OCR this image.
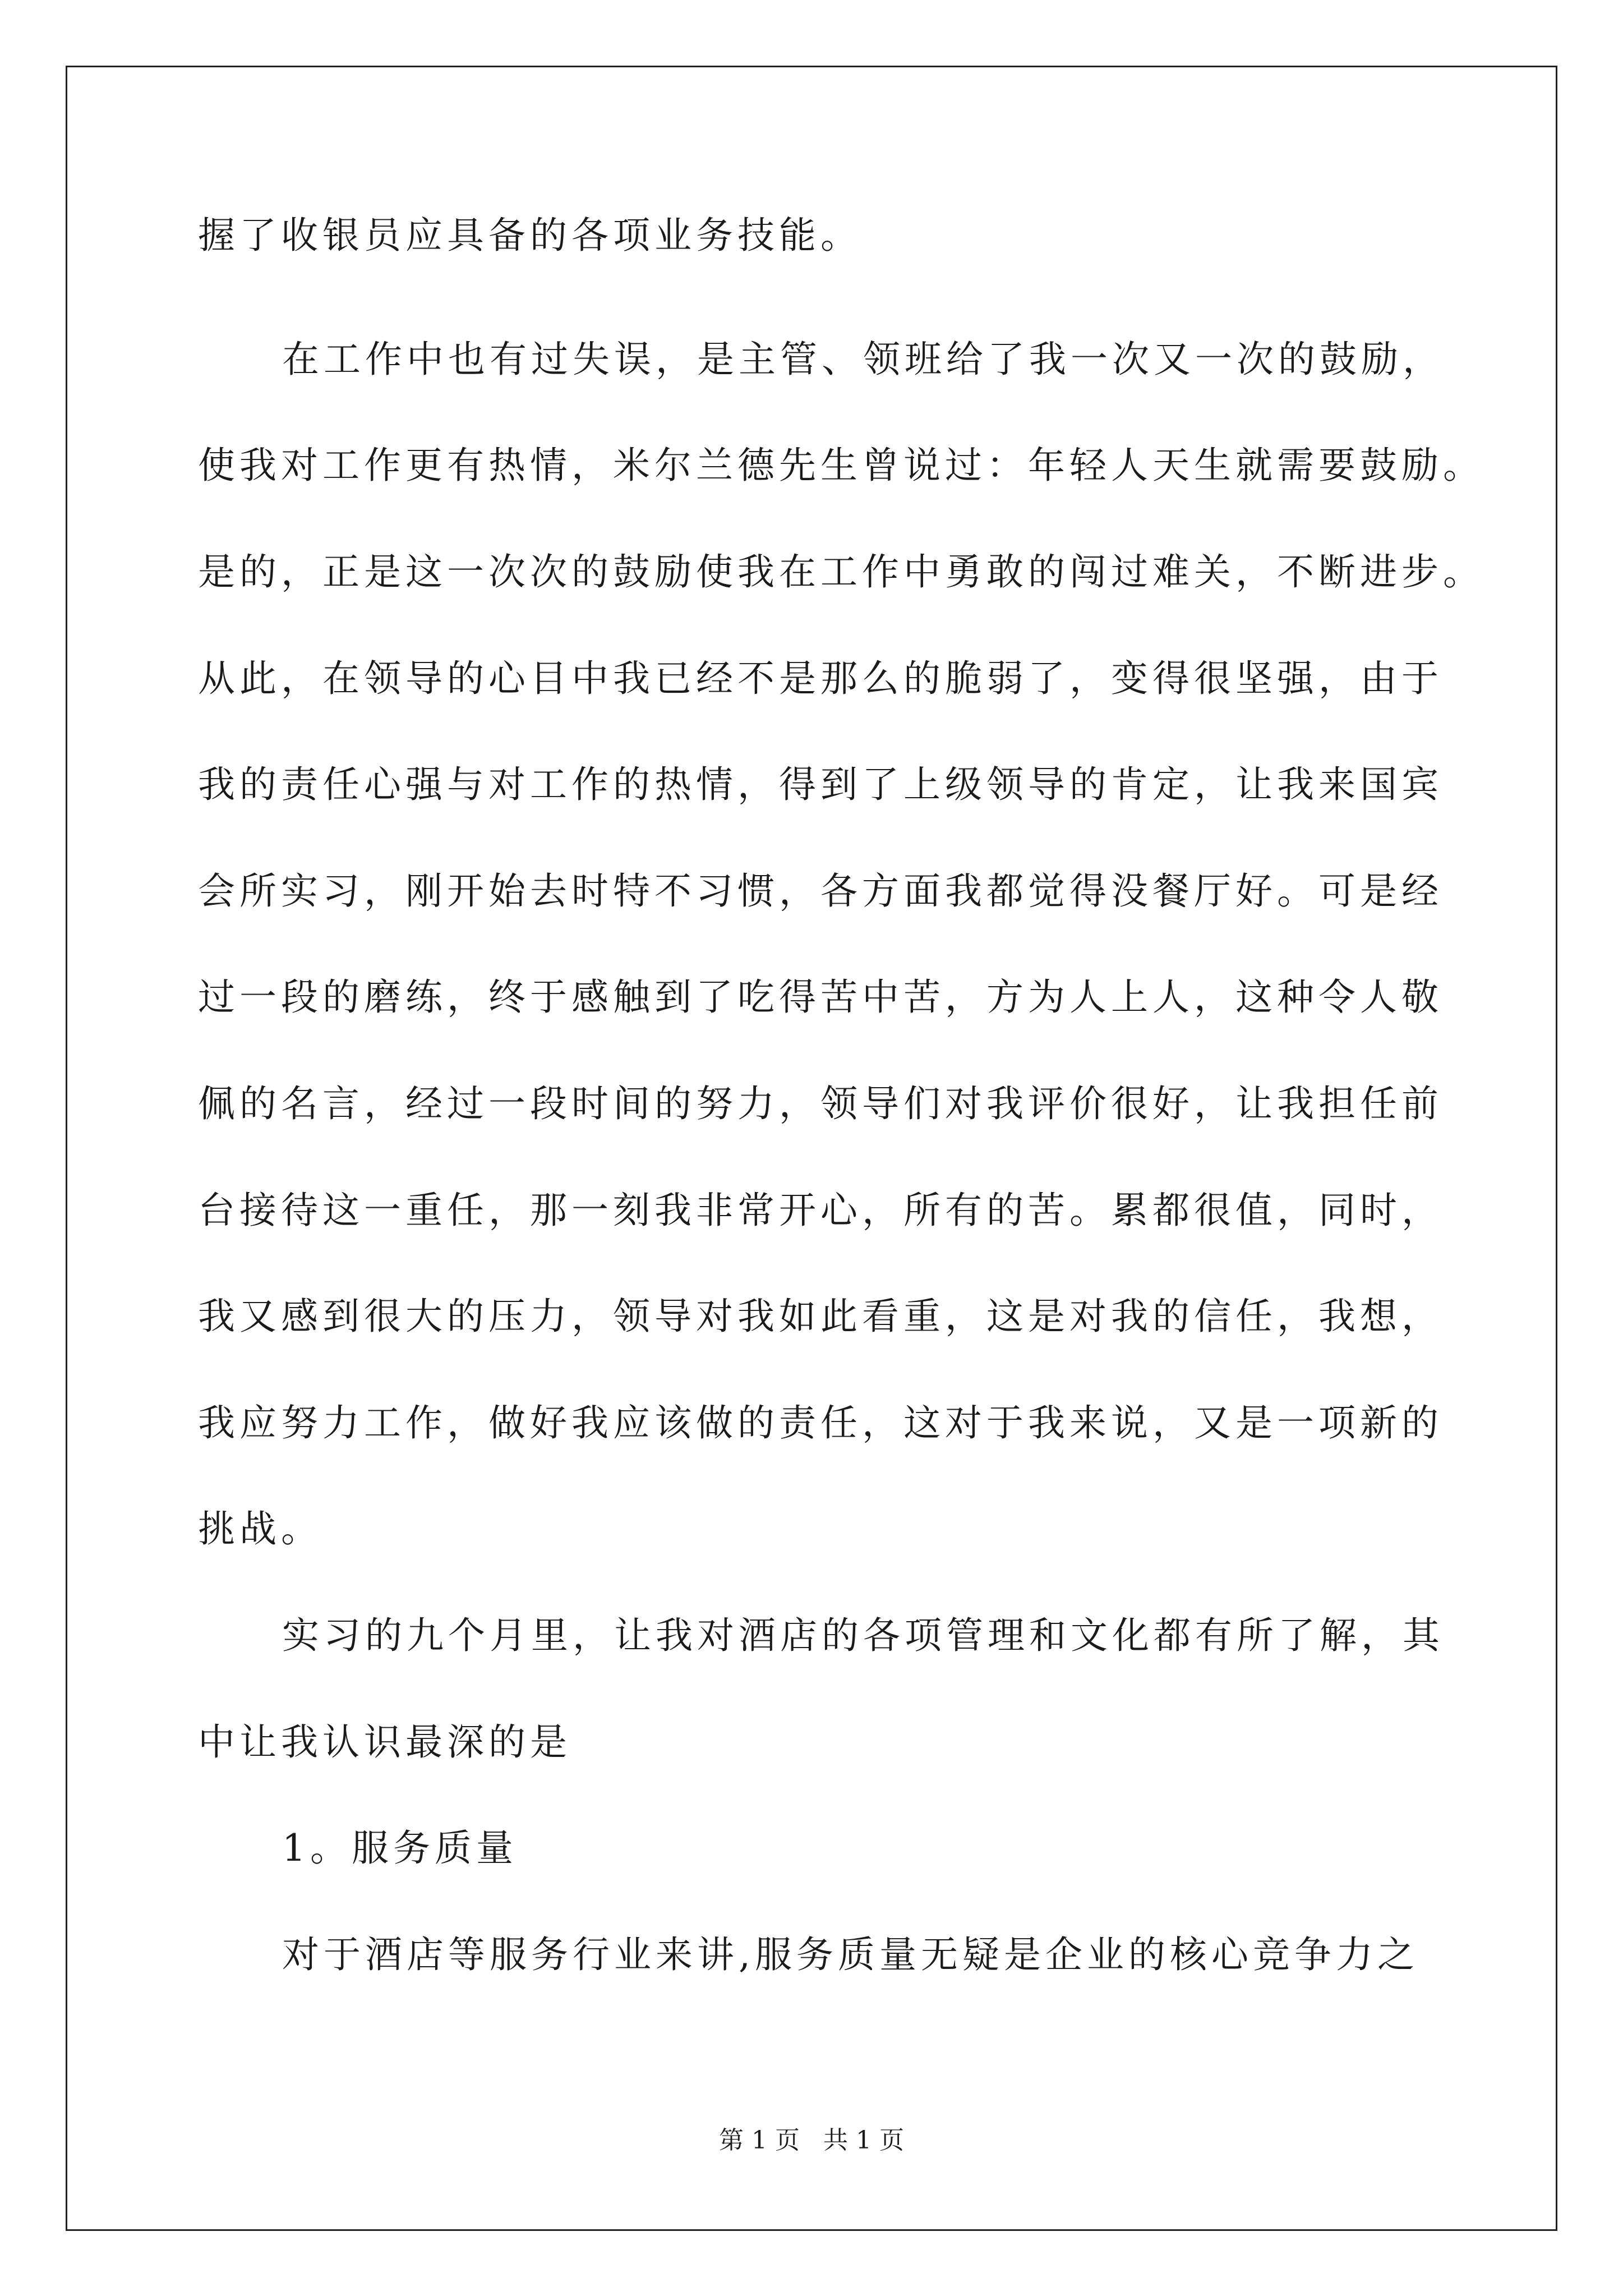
握了收银员应具备的各项业务技能。
在工作中也有过失误，是主管、领班给了我一次又一次的鼓励，
使我对工作更有热情，米尔兰德先生曾说过：年轻人天生就需要鼓励。
是的，正是这一次次的鼓励使我在工作中勇敢的闯过难关，不断进步。
从此，在领导的心目中我已经不是那么的脆弱了，变得很坚强，由于
我的责任心强与对工作的热情，得到了上级领导的肯定，让我来国宾
会所实习，刚开始去时特不习惯，各方面我都觉得没餐厅好。可是经
过一段的磨练，终于感触到了吃得苦中苦，方为人上人，这种令人敬
佩的名言，经过一段时间的努力，领导们对我评价很好，让我担任前
台接待这一重任，那一刻我非常开心，所有的苦。累都很值，同时，
我又感到很大的压力，领导对我如此看重，这是对我的信任，我想，
我应努力工作，做好我应该做的责任，这对于我来说，又是一项新的
挑战。
实习的九个月里，让我对酒店的各项管理和文化都有所了解，其
中让我认识最深的是
1。服务质量
对于酒店等服务行业来讲,服务质量无疑是企业的核心竞争力之
第 1 页   共 1 页
